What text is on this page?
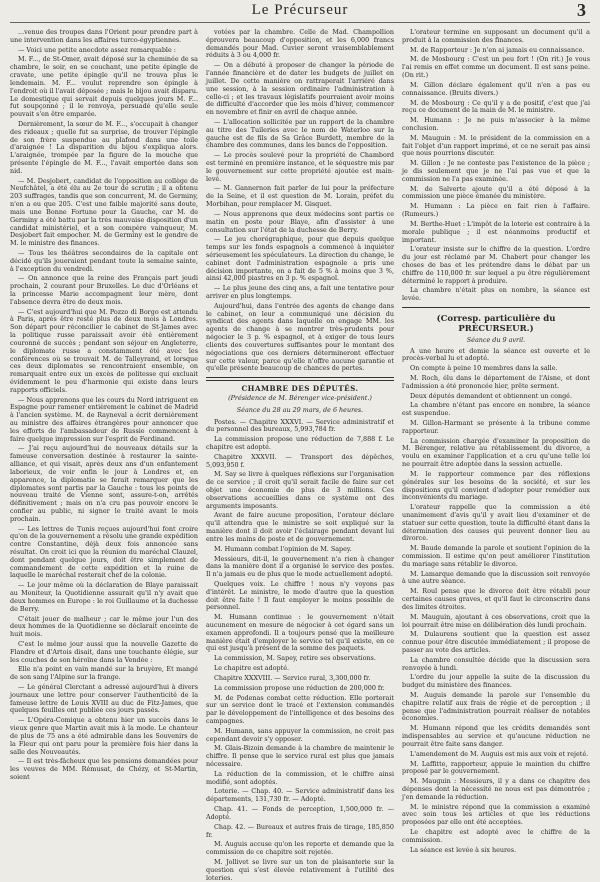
Le Précurseur	3

...venue des troupes dans l'Orient pour prendre part à une intervention dans les affaires turco-égyptiennes.

— Voici une petite anecdote assez remarquable :

M. F..., de St-Omer, avait déposé sur la cheminée de sa chambre, le soir, en se couchant, une petite épingle de cravate, une petite épingle qu'il ne trouva plus le lendemain. M. F... voulut reprendre son épingle à l'endroit où il l'avait déposée ; mais le bijou avait disparu. Le domestique qui servait depuis quelques jours M. F... fut soupçonné ; il le renvoya, persuadé qu'elle seule pouvait s'en être emparée.

Dernièrement, la sœur de M. F..., s'occupait à changer des rideaux ; quelle fut sa surprise, de trouver l'épingle de son frère suspendue au plafond dans une toile d'araignée ! La disparition du bijou s'expliqua alors. L'araignée, trompée par la figure de la mouche que présente l'épingle de M. F..., l'avait emportée dans son nid.

— M. Desjobert, candidat de l'opposition au collège de Neufchâtel, a été élu au 2e tour de scrutin ; il a obtenu 203 suffrages, tandis que son concurrent, M. de Germiny, n'en a eu que 205. C'est une faible majorité sans doute, mais une Bonne Fortune pour la Gauche, car M. de Germiny a été battu par la très mauvaise disposition d'un candidat ministériel, et a son compère vainqueur, M. Desjobert fait empocher. M. de Germiny est le gendre de M. le ministre des finances.

— Tous les théâtres secondaires de la capitale ont décidé qu'ils joueraient pendant toute la semaine sainte, à l'exception du vendredi.

— On annonce que la reine des Français part jeudi prochain, 2 courant pour Bruxelles. Le duc d'Orléans et la princesse Marie accompagnent leur mère, dont l'absence devra être de deux mois.

— C'est aujourd'hui que M. Pozzo di Borgo est attendu à Paris, après être resté plus de deux mois à Londres. Son départ pour réconcilier le cabinet de St-James avec la politique russe paraissait avoir été entièrement couronné de succès ; pendant son séjour en Angleterre, le diplomate russe a constamment été avec les conférences où se trouvait M. de Talleyrand, et lorsque ces deux diplomates se rencontraient ensemble, on remarquait entre eux un excès de politesse qui excluait évidemment le peu d'harmonie qui existe dans leurs rapports officiels.

— Nous apprenons que les cours du Nord intriguent en Espagne pour ramener entièrement le cabinet de Madrid à l'ancien système. M. de Rayneval a écrit dernièrement au ministre des affaires étrangères pour annoncer que les efforts de l'ambassadeur de Russie commencent à faire quelque impression sur l'esprit de Ferdinand.

— J'ai reçu aujourd'hui de nouveaux détails sur la fameuse conversation destinée à restaurer la sainte-alliance, et qui visait, après deux ans d'un enfantement laborieux, de voir enfin le jour à Londres et, en apparence, la diplomatie se ferait remarquer que les diplomates sont partis par la Gauche : tous les points de nouveau traité de Vienne sont, assure-t-on, arrêtés définitivement ; mais on n'a cru pas pouvoir encore le confier au public, ni signer le traité avant le mois prochain.

— Les lettres de Tunis reçues aujourd'hui font croire qu'on de la gouvernement a résolu une grande expédition contre Constantine, déjà deux fois annoncée sans résultat. On croit ici que la réunion du maréchal Clauzel, dont pendant quelque jours, doit être simplement de commandement de cette expédition et la ruine de laquelle le maréchal resterait chef de la colonie.

— Le jour même où la déclaration de Blaye paraissait au Moniteur, la Quotidienne assurait qu'il n'y avait que deux hommes en Europe : le roi Guillaume et la duchesse de Berry.

C'était jouer de malheur ; car le même jour l'un des deux hommes de la Quotidienne se déclarait enceinte de huit mois.

C'est le même jour aussi que la nouvelle Gazette de Flandre et d'Artois disait, dans une touchante élégie, sur les couches de son héroïne dans la Vendée :

Elle n'a point en vain mandé sur la bruyère, Et mangé de son sang l'Alpine sur la frange.

— Le général Clerctant a adressé aujourd'hui à divers journaux une lettre pour conserver l'authenticité de la fameuse lettre de Louis XVIII au duc de Fitz-James, que quelques feuilles ont publiée ces jours passés.

— L'Opéra-Comique a obtenu hier un succès dans le vieux genre que Martin avait mis à la mode. Le chanteur de plus de 75 ans a été admirable dans les Souvenirs de la Fleur qui ont paru pour la première fois hier dans la salle des Nouveautés.

— Il est très-fâcheux que les pensions demandées pour les veuves de MM. Rémusat, de Chézy, et St-Martin, soient

votées par la chambre. Celle de Mad. Champollion éprouvera beaucoup d'opposition, et les 6,000 francs demandés pour Mad. Cuvier seront vraisemblablement réduits à 3 ou 4,000 fr.

— On a débuté à proposer de changer la période de l'année financière et de dater les budgets de juillet en juillet. De cette manière on rattraperait l'arriéré dans une session, à la session ordinaire l'administration à celle-ci ; et les travaux législatifs pourraient avoir moins de difficulté d'accorder que les mois d'hiver, commencer en novembre et finir en avril de chaque année.

— L'allocation sollicitée par un rapport de la chambre au titre des Tuileries avec le nom de Waterloo sur la gauche est de fils de Sa Grâce Burdett, membre de la chambre des communes, dans les bancs de l'opposition.

— Le procès soulevé pour la propriété de Chambord est terminé en première instance, et le séquestre mis par le gouvernement sur cette propriété ajoutée est main-levé.

— M. Gannernon fait parler de lui pour la préfecture de la Seine, et il est question de M. Lorain, préfet du Morbihan, pour remplacer M. Gisquet.

— Nous apprenons que deux médecins sont partis ce matin en poste pour Blaye, afin d'assister à une consultation sur l'état de la duchesse de Berry.

— Le jeu chorégraphique, pour que depuis quelque temps sur les fonds espagnols a commencé à inquiéter sérieusement les spéculateurs. La direction du change, le cabinet dont l'administration espagnole a pris une décision importante, on a fait de 5 % à moins que 3 %, ainsi 42,000 piastres en 3 p. % espagnol.

— Le plus jeune des cinq ans, a fait une tentative pour arriver en plus longtemps.

Aujourd'hui, dans l'entrée des agents de change dans le cabinet, on leur a communiqué une décision du syndicat des agents dans laquelle on engage MM. les agents de change à se montrer très-prudents pour négocier le 3 p. % espagnol, et à exiger de tous leurs clients des couvertures suffisantes pour le montant des négociations que ces derniers détermineront effectuer sur cette valeur, parce qu'elle n'offre aucune garantie et qu'elle présente beaucoup de chances de pertes.

CHAMBRE DES DÉPUTÉS.
(Présidence de M. Bérenger vice-président.)
Séance du 28 au 29 mars, de 6 heures.

Postes. — Chapitre XXXVI. — Service administratif et du personnel des bureaux, 5,993,784 fr.

La commission propose une réduction de 7,888 f. Le chapitre est adopté.

Chapitre XXXVII. — Transport des dépêches, 5,093,950 f.

M. Say se livre à quelques réflexions sur l'organisation de ce service ; il croit qu'il serait facile de faire sur cet objet une économie de plus de 3 millions. Ces observations accueillies dans ce système ont des arguments imposants.

Avant de faire aucune proposition, l'orateur déclare qu'il attendra que le ministre se soit expliqué sur la manière dont il doit avoir l'éclairage pendant devant lui entre les mains de poste et de gouvernement.

M. Humann combat l'opinion de M. Sapey.

Messieurs, dit-il, le gouvernement n'a rien à changer dans la manière dont il a organisé le service des postes. Il n'a jamais eu de plus que le mode actuellement adopté.

Quelques voix. Le chiffre ! nous n'y voyons pas d'intérêt. Le ministre, le mode d'autre que la question doit être faite ! Il faut employer le moins possible de personnel.

M. Humann continue : le gouvernement n'était aucunement en mesure de négocier à cet égard sans un examen approfondi. Il a toujours pensé que la meilleure manière était d'employer le service tel qu'il existe, en ce qui est jusqu'à présent de la somme des paquets.

La commission, M. Sapey, retire ses observations.

Le chapitre est adopté.

Chapitre XXXVIII. — Service rural, 3,300,000 fr.

La commission propose une réduction de 200,000 fr.

M. de Podenas combat cette réduction. Elle porterait sur un service dont le tracé et l'extension commandés par le développement de l'intelligence et des besoins des campagnes.

M. Humann, sans appuyer la commission, ne croit pas cependant devoir s'y opposer.

M. Glais-Bizoin demande à la chambre de maintenir le chiffre. Il pense que le service rural est plus que jamais nécessaire.

La réduction de la commission, et le chiffre ainsi modifié, sont adoptés.

Loterie. — Chap. 40. — Service administratif dans les départements, 131,730 fr. — Adopté.

Chap. 41. — Fonds de perception, 1,500,000 fr. — Adopté.

Chap. 42. — Bureaux et autres frais de tirage, 185,850 fr.

M. Auguis accuse qu'on les reporte et demande que la commission de ce chapitre soit rejetée.

M. Jollivet se livre sur un ton de plaisanterie sur la question qui s'est élevée relativement à l'utilité des loteries.

L'orateur termine en supposant un document qu'il a produit à la commission des finances.

M. de Rapporteur : Je n'en ai jamais eu connaissance.

M. de Mosbourg : C'est un peu fort ! (On rit.) Je vous l'ai remis en effet comme un document. Il est sans peine. (On rit.)

M. Gillon déclare également qu'il n'en a pas eu connaissance. (Bruits divers.)

M. de Mosbourg : Ce qu'il y a de positif, c'est que j'ai reçu ce document de la main de M. le ministre.

M. Humann : Je ne puis m'associer à la même conclusion.

M. Mauguin : M. le président de la commission en a fait l'objet d'un rapport imprimé, et ce ne serait pas ainsi que nous pourrions discuter.

M. Gillon : Je ne conteste pas l'existence de la pièce ; je dis seulement que je ne l'ai pas vue et que la commission ne l'a pas examinée.

M. de Salverte ajoute qu'il a été déposé à la commission une pièce émanée du ministère.

M. Humann : La pièce en fait rien à l'affaire. (Rumeurs.)

M. Berthe-Huet : L'impôt de la loterie est contraire à la morale publique ; il est néanmoins productif et important.

L'orateur insiste sur le chiffre de la question. L'ordre du jour est réclamé par M. Chabert pour changer les choses de bas et les prétendre dans le débat par un chiffre de 110,000 fr. sur lequel a pu être régulièrement déterminé le rapport à produire.

La chambre n'était plus en nombre, la séance est levée.

(Corresp. particulière du PRÉCURSEUR.)
Séance du 9 avril.

A une heure et demie la séance est ouverte et le procès-verbal lu et adopté.

On compte à peine 10 membres dans la salle.

M. Roch, élu dans le département de l'Aisne, et dont l'admission a été prononcée hier, prête serment.

Deux députés demandent et obtiennent un congé.

La chambre n'étant pas encore en nombre, la séance est suspendue.

M. Gillon-Harmant se présente à la tribune comme rapporteur.

La commission chargée d'examiner la proposition de M. Bérenger, relative au rétablissement du divorce, a voulu en examiner l'application et a cru qu'une telle loi ne pourrait être adoptée dans la session actuelle.

M. le rapporteur commence par des réflexions générales sur les besoins de la société, et sur les dispositions qu'il convient d'adopter pour remédier aux inconvénients du mariage.

L'orateur rappelle que la commission a été unanimement d'avis qu'il y avait lieu d'examiner et de statuer sur cette question, toute la difficulté étant dans la détermination des causes qui peuvent donner lieu au divorce.

M. Baude demande la parole et soutient l'opinion de la commission. Il estime qu'on peut améliorer l'institution du mariage sans rétablir le divorce.

M. Lamarque demande que la discussion soit renvoyée à une autre séance.

M. Roul pense que le divorce doit être rétabli pour certaines causes graves, et qu'il faut le circonscrire dans des limites étroites.

M. Mauguin, ajoutant à ces observations, croit que la loi pourrait être mise en délibération dès lundi prochain.

M. Dulaurens soutient que la question est assez connue pour être discutée immédiatement ; il propose de passer au vote des articles.

La chambre consultée décide que la discussion sera renvoyée à lundi.

L'ordre du jour appelle la suite de la discussion du budget du ministère des finances.

M. Auguis demande la parole sur l'ensemble du chapitre relatif aux frais de régie et de perception ; il pense que l'administration pourrait réaliser de notables économies.

M. Humann répond que les crédits demandés sont indispensables au service et qu'aucune réduction ne pourrait être faite sans danger.

L'amendement de M. Auguis est mis aux voix et rejeté.

M. Laffitte, rapporteur, appuie le maintien du chiffre proposé par le gouvernement.

M. Mauguin : Messieurs, il y a dans ce chapitre des dépenses dont la nécessité ne nous est pas démontrée ; j'en demande la réduction.

M. le ministre répond que la commission a examiné avec soin tous les articles et que les réductions proposées par elle ont été acceptées.

Le chapitre est adopté avec le chiffre de la commission.

La séance est levée à six heures.
